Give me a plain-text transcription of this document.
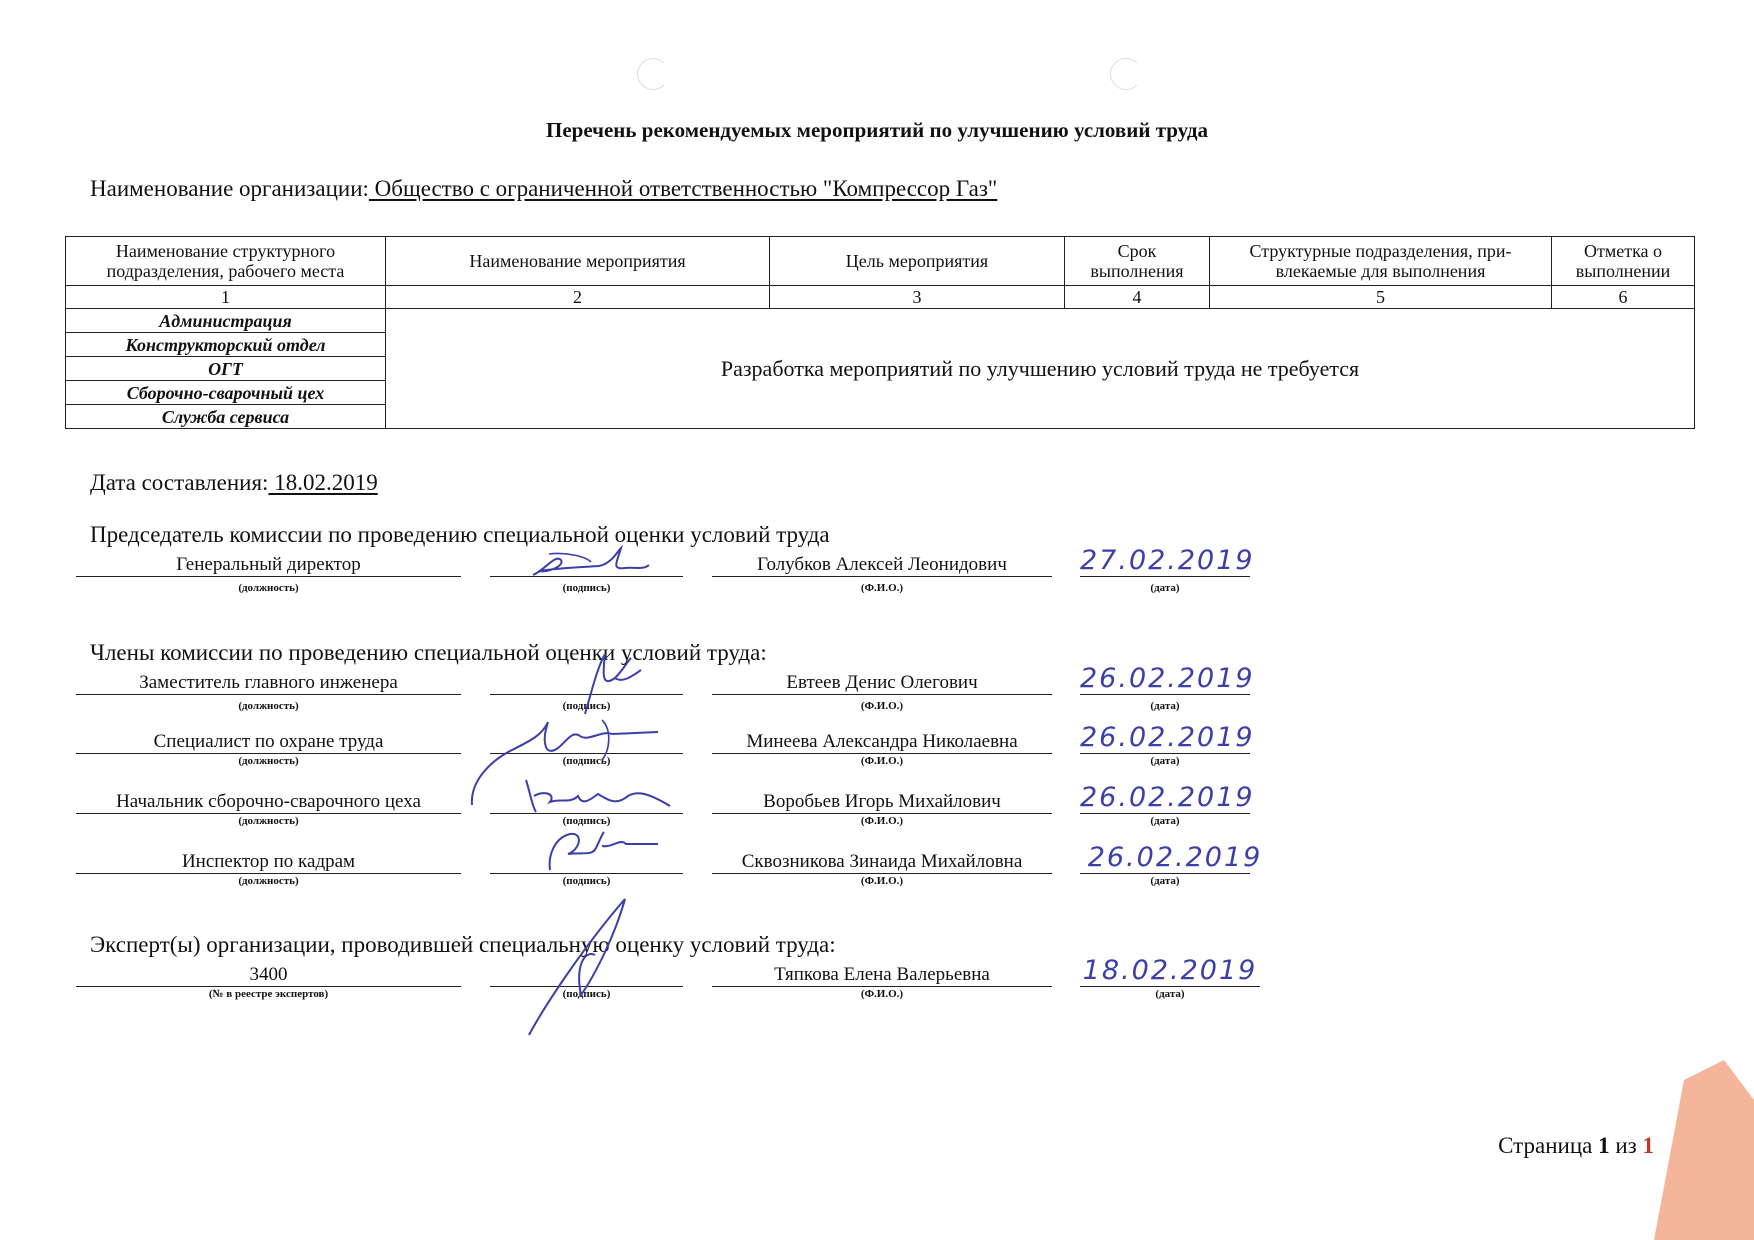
Перечень рекомендуемых мероприятий по улучшению условий труда
Наименование организации: Общество с ограниченной ответственностью "Компрессор Газ"
Наименование структурного подразделения, рабочего места	Наименование мероприятия	Цель мероприятия	Срок выполнения	Структурные подразделения, при-влекаемые для выполнения	Отметка о выполнении
1	2	3	4	5	6
Администрация	Разработка мероприятий по улучшению условий труда не требуется				
Конструкторский отдел					
ОГТ					
Сборочно-сварочный цех					
Служба сервиса					
Дата составления: 18.02.2019
Председатель комиссии по проведению специальной оценки условий труда
Генеральный директор
(должность)	(подпись)
Голубков Алексей Леонидович
(Ф.И.О.)
27.02.2019
(дата)
Члены комиссии по проведению специальной оценки условий труда:
Заместитель главного инженера
(должность)	(подпись)
Евтеев Денис Олегович
(Ф.И.О.)
26.02.2019
(дата)
Специалист по охране труда
(должность)	(подпись)
Минеева Александра Николаевна
(Ф.И.О.)
26.02.2019
(дата)
Начальник сборочно-сварочного цеха
(должность)	(подпись)
Воробьев Игорь Михайлович
(Ф.И.О.)
26.02.2019
(дата)
Инспектор по кадрам
(должность)	(подпись)
Сквозникова Зинаида Михайловна
(Ф.И.О.)
26.02.2019
(дата)
Эксперт(ы) организации, проводившей специальную оценку условий труда:
3400
(№ в реестре экспертов)	(подпись)
Тяпкова Елена Валерьевна
(Ф.И.О.)
18.02.2019
(дата)
Страница 1 из 1
